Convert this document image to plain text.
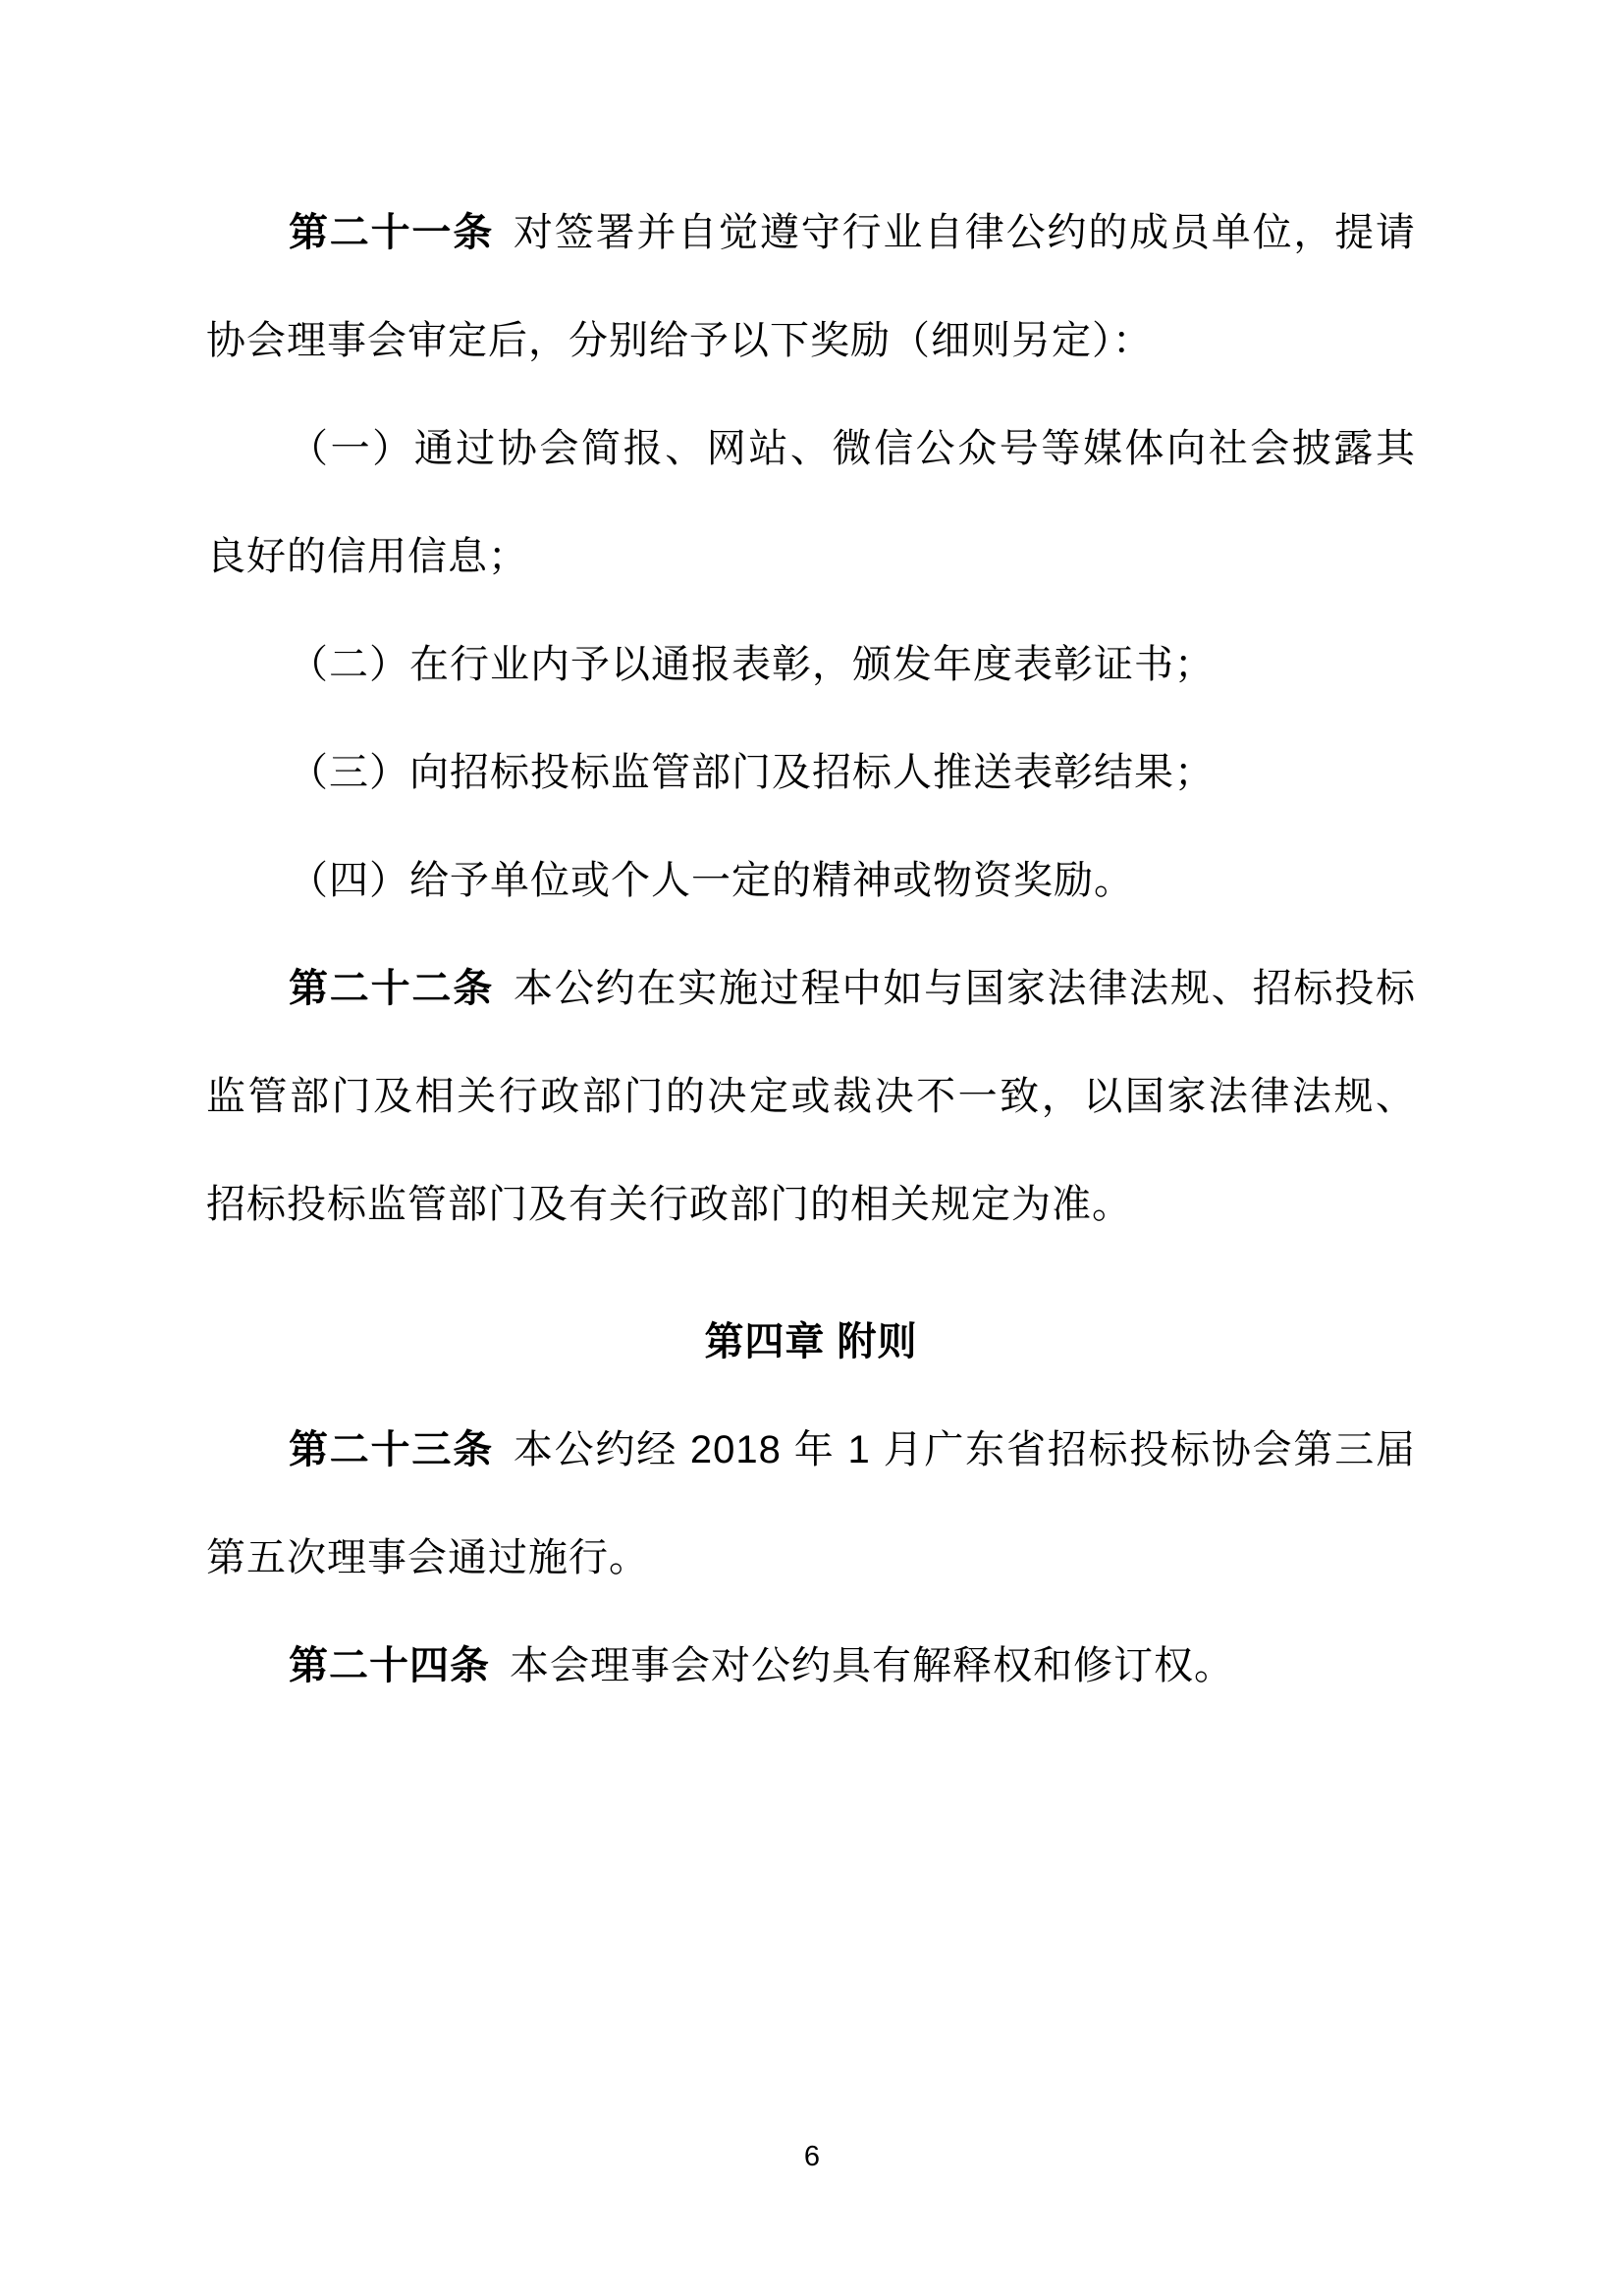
第二十一条 对签署并自觉遵守行业自律公约的成员单位，提请
协会理事会审定后，分别给予以下奖励（细则另定）：
（一）通过协会简报、网站、微信公众号等媒体向社会披露其
良好的信用信息；
（二）在行业内予以通报表彰，颁发年度表彰证书；
（三）向招标投标监管部门及招标人推送表彰结果；
（四）给予单位或个人一定的精神或物资奖励。
第二十二条 本公约在实施过程中如与国家法律法规、招标投标
监管部门及相关行政部门的决定或裁决不一致，以国家法律法规、
招标投标监管部门及有关行政部门的相关规定为准。
第四章 附则
第二十三条 本公约经 2018 年 1 月广东省招标投标协会第三届
第五次理事会通过施行。
第二十四条 本会理事会对公约具有解释权和修订权。
6
